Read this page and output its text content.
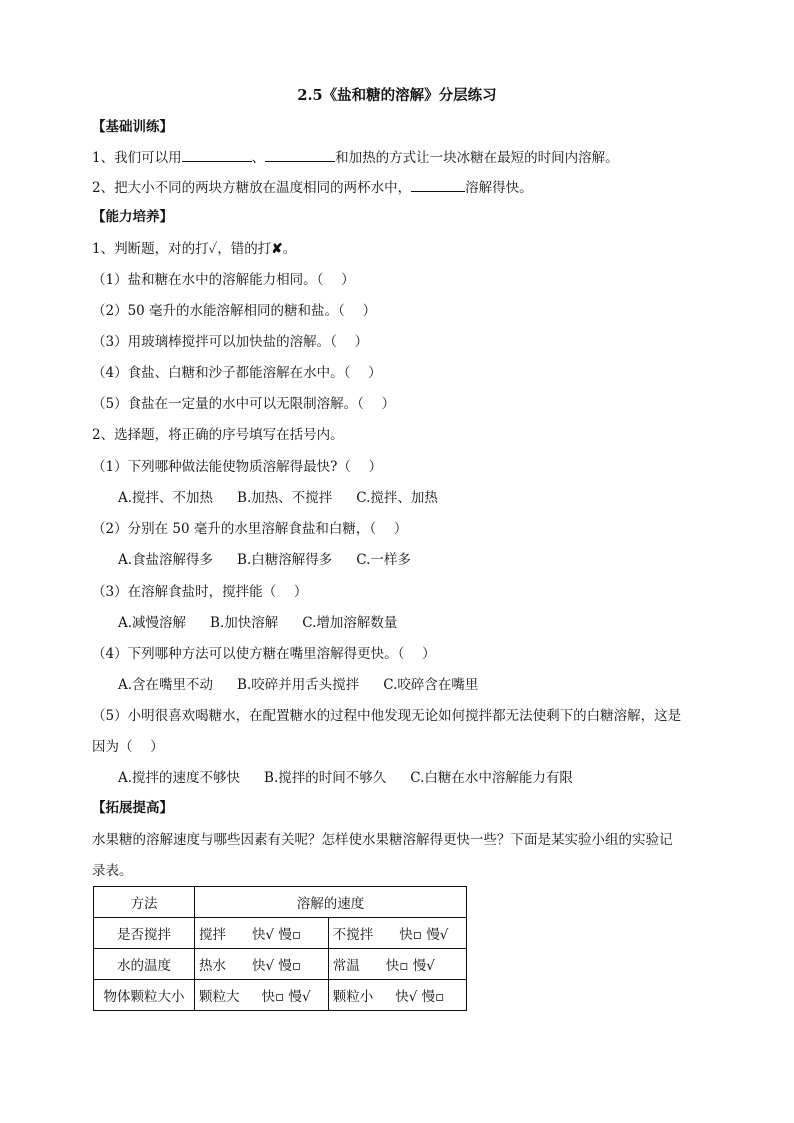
2.5《盐和糖的溶解》分层练习
【基础训练】
1、我们可以用	、	和加热的方式让一块冰糖在最短的时间内溶解。
2、把大小不同的两块方糖放在温度相同的两杯水中，	溶解得快。
【能力培养】
1、判断题，对的打✓，错的打✘。
（1）盐和糖在水中的溶解能力相同。（　 ）
（2）50 毫升的水能溶解相同的糖和盐。（　 ）
（3）用玻璃棒搅拌可以加快盐的溶解。（　 ）
（4）食盐、白糖和沙子都能溶解在水中。（　 ）
（5）食盐在一定量的水中可以无限制溶解。（　 ）
2、选择题，将正确的序号填写在括号内。
（1）下列哪种做法能使物质溶解得最快?（　 ）
A.搅拌、不加热 B.加热、不搅拌 C.搅拌、加热
（2）分别在 50 毫升的水里溶解食盐和白糖，（　 ）
A.食盐溶解得多 B.白糖溶解得多 C.一样多
（3）在溶解食盐时，搅拌能（　 ）
A.减慢溶解 B.加快溶解 C.增加溶解数量
（4）下列哪种方法可以使方糖在嘴里溶解得更快。（　 ）
A.含在嘴里不动 B.咬碎并用舌头搅拌 C.咬碎含在嘴里
（5）小明很喜欢喝糖水，在配置糖水的过程中他发现无论如何搅拌都无法使剩下的白糖溶解，这是
因为（　 ）
A.搅拌的速度不够快 B.搅拌的时间不够久 C.白糖在水中溶解能力有限
【拓展提高】
水果糖的溶解速度与哪些因素有关呢？怎样使水果糖溶解得更快一些？下面是某实验小组的实验记
录表。
方法	溶解的速度	
是否搅拌	搅拌 快√ 慢▫	不搅拌 快▫ 慢√
水的温度	热水 快√ 慢▫	常温 快▫ 慢√
物体颗粒大小	颗粒大 快▫ 慢√	颗粒小 快√ 慢▫
